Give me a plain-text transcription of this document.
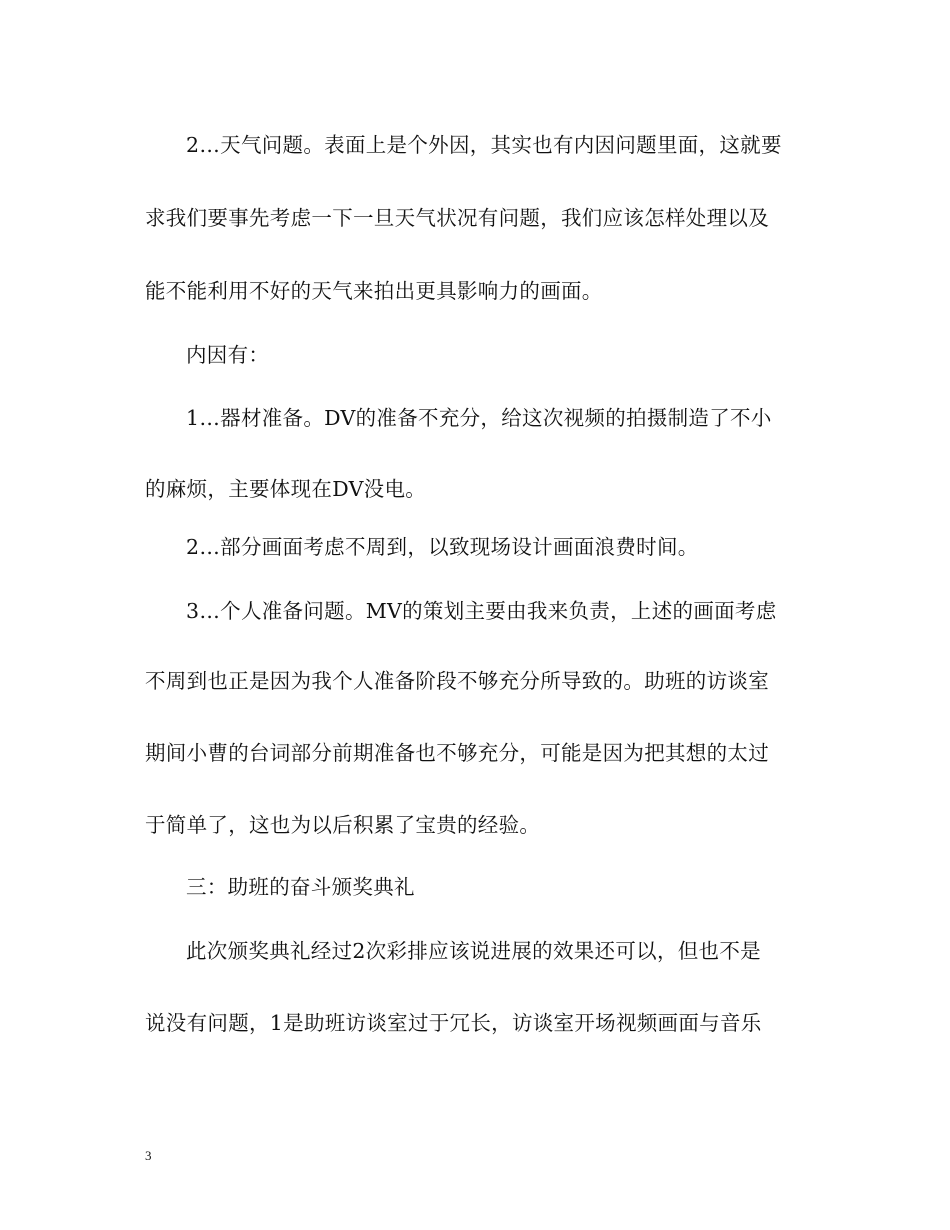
2…天气问题。表面上是个外因，其实也有内因问题里面，这就要
求我们要事先考虑一下一旦天气状况有问题，我们应该怎样处理以及
能不能利用不好的天气来拍出更具影响力的画面。
内因有：
1…器材准备。DV的准备不充分，给这次视频的拍摄制造了不小
的麻烦，主要体现在DV没电。
2…部分画面考虑不周到，以致现场设计画面浪费时间。
3…个人准备问题。MV的策划主要由我来负责，上述的画面考虑
不周到也正是因为我个人准备阶段不够充分所导致的。助班的访谈室
期间小曹的台词部分前期准备也不够充分，可能是因为把其想的太过
于简单了，这也为以后积累了宝贵的经验。
三：助班的奋斗颁奖典礼
此次颁奖典礼经过2次彩排应该说进展的效果还可以，但也不是
说没有问题，1是助班访谈室过于冗长，访谈室开场视频画面与音乐
3
